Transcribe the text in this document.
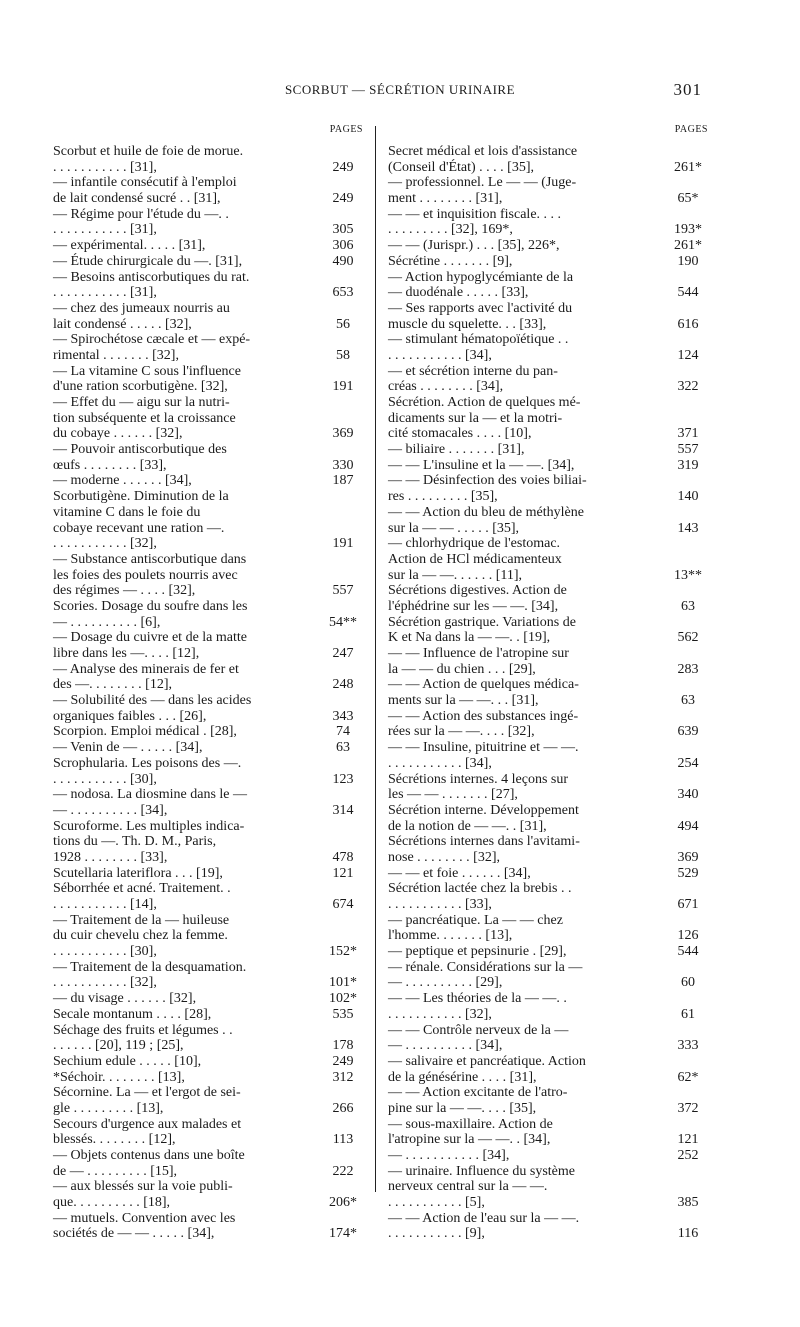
SCORBUT — SÉCRÉTION URINAIRE	301
PAGES
Scorbut et huile de foie de morue.
. . . . . . . . . . . [31],	249
— infantile consécutif à l'emploi
de lait condensé sucré . . [31],	249
— Régime pour l'étude du —. .
. . . . . . . . . . . [31],	305
— expérimental. . . . . [31],	306
— Étude chirurgicale du —. [31],	490
— Besoins antiscorbutiques du rat.
. . . . . . . . . . . [31],	653
— chez des jumeaux nourris au
lait condensé . . . . . [32],	56
— Spirochétose cæcale et — expé-
rimental . . . . . . . [32],	58
— La vitamine C sous l'influence
d'une ration scorbutigène. [32],	191
— Effet du — aigu sur la nutri-
tion subséquente et la croissance
du cobaye . . . . . . [32],	369
— Pouvoir antiscorbutique des
œufs . . . . . . . . [33],	330
— moderne . . . . . . [34],	187
Scorbutigène. Diminution de la
vitamine C dans le foie du
cobaye recevant une ration —.
. . . . . . . . . . . [32],	191
— Substance antiscorbutique dans
les foies des poulets nourris avec
des régimes — . . . . [32],	557
Scories. Dosage du soufre dans les
— . . . . . . . . . . [6],	54**
— Dosage du cuivre et de la matte
libre dans les —. . . . [12],	247
— Analyse des minerais de fer et
des —. . . . . . . . [12],	248
— Solubilité des — dans les acides
organiques faibles . . . [26],	343
Scorpion. Emploi médical . [28],	74
— Venin de — . . . . . [34],	63
Scrophularia. Les poisons des —.
. . . . . . . . . . . [30],	123
— nodosa. La diosmine dans le —
— . . . . . . . . . . [34],	314
Scuroforme. Les multiples indica-
tions du —. Th. D. M., Paris,
1928 . . . . . . . . [33],	478
Scutellaria lateriflora . . . [19],	121
Séborrhée et acné. Traitement. .
. . . . . . . . . . . [14],	674
— Traitement de la — huileuse
du cuir chevelu chez la femme.
. . . . . . . . . . . [30],	152*
— Traitement de la desquamation.
. . . . . . . . . . . [32],	101*
— du visage . . . . . . [32],	102*
Secale montanum . . . . [28],	535
Séchage des fruits et légumes . .
. . . . . . [20], 119 ; [25],	178
Sechium edule . . . . . [10],	249
*Séchoir. . . . . . . . [13],	312
Sécornine. La — et l'ergot de sei-
gle . . . . . . . . . [13],	266
Secours d'urgence aux malades et
blessés. . . . . . . . [12],	113
— Objets contenus dans une boîte
de — . . . . . . . . . [15],	222
— aux blessés sur la voie publi-
que. . . . . . . . . . [18],	206*
— mutuels. Convention avec les
sociétés de — — . . . . . [34],	174*
PAGES
Secret médical et lois d'assistance
(Conseil d'État) . . . . [35],	261*
— professionnel. Le — — (Juge-
ment . . . . . . . . [31],	65*
— — et inquisition fiscale. . . .
. . . . . . . . . [32], 169*,	193*
— — (Jurispr.) . . . [35], 226*,	261*
Sécrétine . . . . . . . [9],	190
— Action hypoglycémiante de la
— duodénale . . . . . [33],	544
— Ses rapports avec l'activité du
muscle du squelette. . . [33],	616
— stimulant hématopoïétique . .
. . . . . . . . . . . [34],	124
— et sécrétion interne du pan-
créas . . . . . . . . [34],	322
Sécrétion. Action de quelques mé-
dicaments sur la — et la motri-
cité stomacales . . . . [10],	371
— biliaire . . . . . . . [31],	557
— — L'insuline et la — —. [34],	319
— — Désinfection des voies biliai-
res . . . . . . . . . [35],	140
— — Action du bleu de méthylène
sur la — — . . . . . [35],	143
— chlorhydrique de l'estomac.
Action de HCl médicamenteux
sur la — —. . . . . . [11],	13**
Sécrétions digestives. Action de
l'éphédrine sur les — —. [34],	63
Sécrétion gastrique. Variations de
K et Na dans la — —. . [19],	562
— — Influence de l'atropine sur
la — — du chien . . . [29],	283
— — Action de quelques médica-
ments sur la — —. . . [31],	63
— — Action des substances ingé-
rées sur la — —. . . . [32],	639
— — Insuline, pituitrine et — —.
. . . . . . . . . . . [34],	254
Sécrétions internes. 4 leçons sur
les — — . . . . . . . [27],	340
Sécrétion interne. Développement
de la notion de — —. . [31],	494
Sécrétions internes dans l'avitami-
nose . . . . . . . . [32],	369
— — et foie . . . . . . [34],	529
Sécrétion lactée chez la brebis . .
. . . . . . . . . . . [33],	671
— pancréatique. La — — chez
l'homme. . . . . . . [13],	126
— peptique et pepsinurie . [29],	544
— rénale. Considérations sur la —
— . . . . . . . . . . [29],	60
— — Les théories de la — —. .
. . . . . . . . . . . [32],	61
— — Contrôle nerveux de la —
— . . . . . . . . . . [34],	333
— salivaire et pancréatique. Action
de la génésérine . . . . [31],	62*
— — Action excitante de l'atro-
pine sur la — —. . . . [35],	372
— sous-maxillaire. Action de
l'atropine sur la — —. . [34],	121
— . . . . . . . . . . . [34],	252
— urinaire. Influence du système
nerveux central sur la — —.
. . . . . . . . . . . [5],	385
— — Action de l'eau sur la — —.
. . . . . . . . . . . [9],	116
